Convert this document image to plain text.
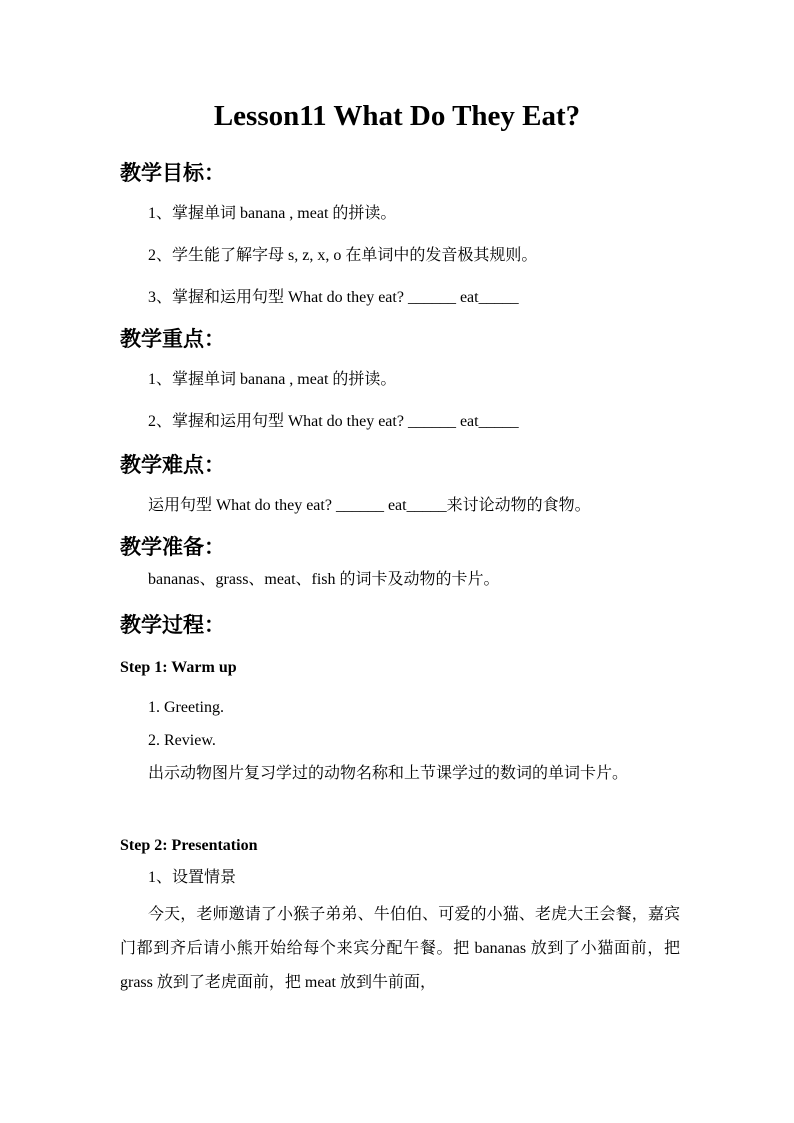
Lesson11 What Do They Eat?
教学目标：
1、掌握单词 banana , meat 的拼读。
2、学生能了解字母 s, z, x, o 在单词中的发音极其规则。
3、掌握和运用句型 What do they eat? ______ eat_____
教学重点：
1、掌握单词 banana , meat 的拼读。
2、掌握和运用句型 What do they eat? ______ eat_____
教学难点：
运用句型 What do they eat? ______ eat_____来讨论动物的食物。
教学准备：
bananas、grass、meat、fish 的词卡及动物的卡片。
教学过程：
Step 1: Warm up
1. Greeting.
2. Review.
出示动物图片复习学过的动物名称和上节课学过的数词的单词卡片。
Step 2: Presentation
1、设置情景
今天，老师邀请了小猴子弟弟、牛伯伯、可爱的小猫、老虎大王会餐，嘉宾门都到齐后请小熊开始给每个来宾分配午餐。把 bananas 放到了小猫面前，把 grass 放到了老虎面前，把 meat 放到牛前面，
